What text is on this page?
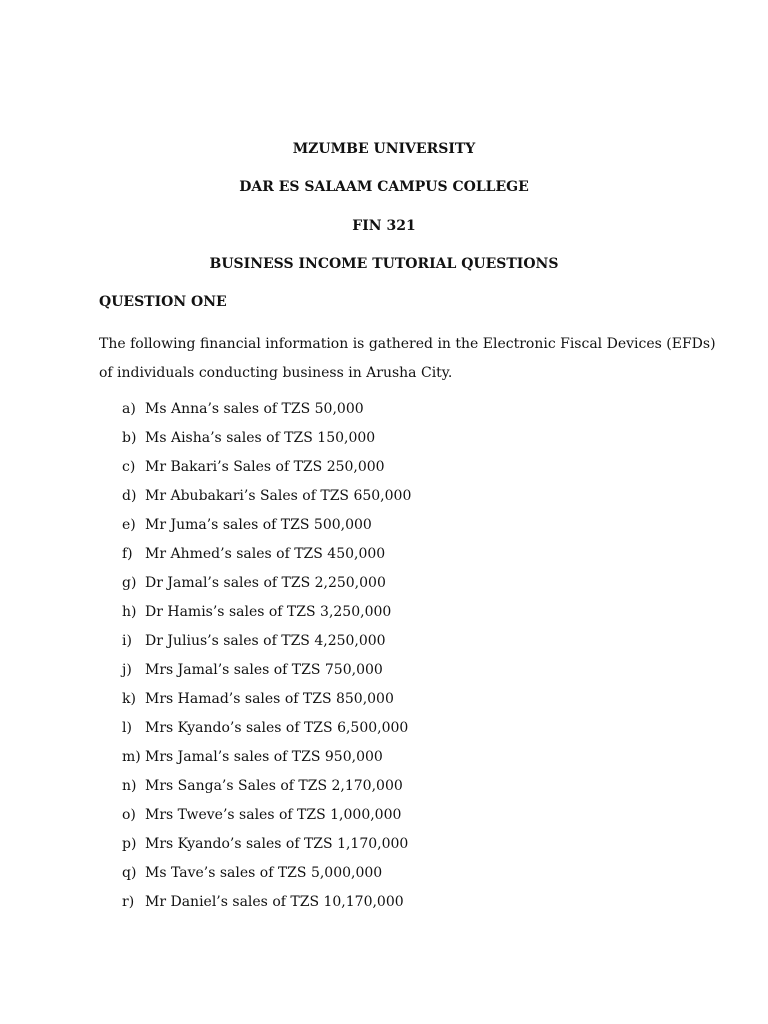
MZUMBE UNIVERSITY
DAR ES SALAAM CAMPUS COLLEGE
FIN 321
BUSINESS INCOME TUTORIAL QUESTIONS
QUESTION ONE
The following financial information is gathered in the Electronic Fiscal Devices (EFDs)
of individuals conducting business in Arusha City.
a) Ms Anna’s sales of TZS 50,000
b) Ms Aisha’s sales of TZS 150,000
c) Mr Bakari’s Sales of TZS 250,000
d) Mr Abubakari’s Sales of TZS 650,000
e) Mr Juma’s sales of TZS 500,000
f) Mr Ahmed’s sales of TZS 450,000
g) Dr Jamal’s sales of TZS 2,250,000
h) Dr Hamis’s sales of TZS 3,250,000
i) Dr Julius’s sales of TZS 4,250,000
j) Mrs Jamal’s sales of TZS 750,000
k) Mrs Hamad’s sales of TZS 850,000
l) Mrs Kyando’s sales of TZS 6,500,000
m) Mrs Jamal’s sales of TZS 950,000
n) Mrs Sanga’s Sales of TZS 2,170,000
o) Mrs Tweve’s sales of TZS 1,000,000
p) Mrs Kyando’s sales of TZS 1,170,000
q) Ms Tave’s sales of TZS 5,000,000
r) Mr Daniel’s sales of TZS 10,170,000
